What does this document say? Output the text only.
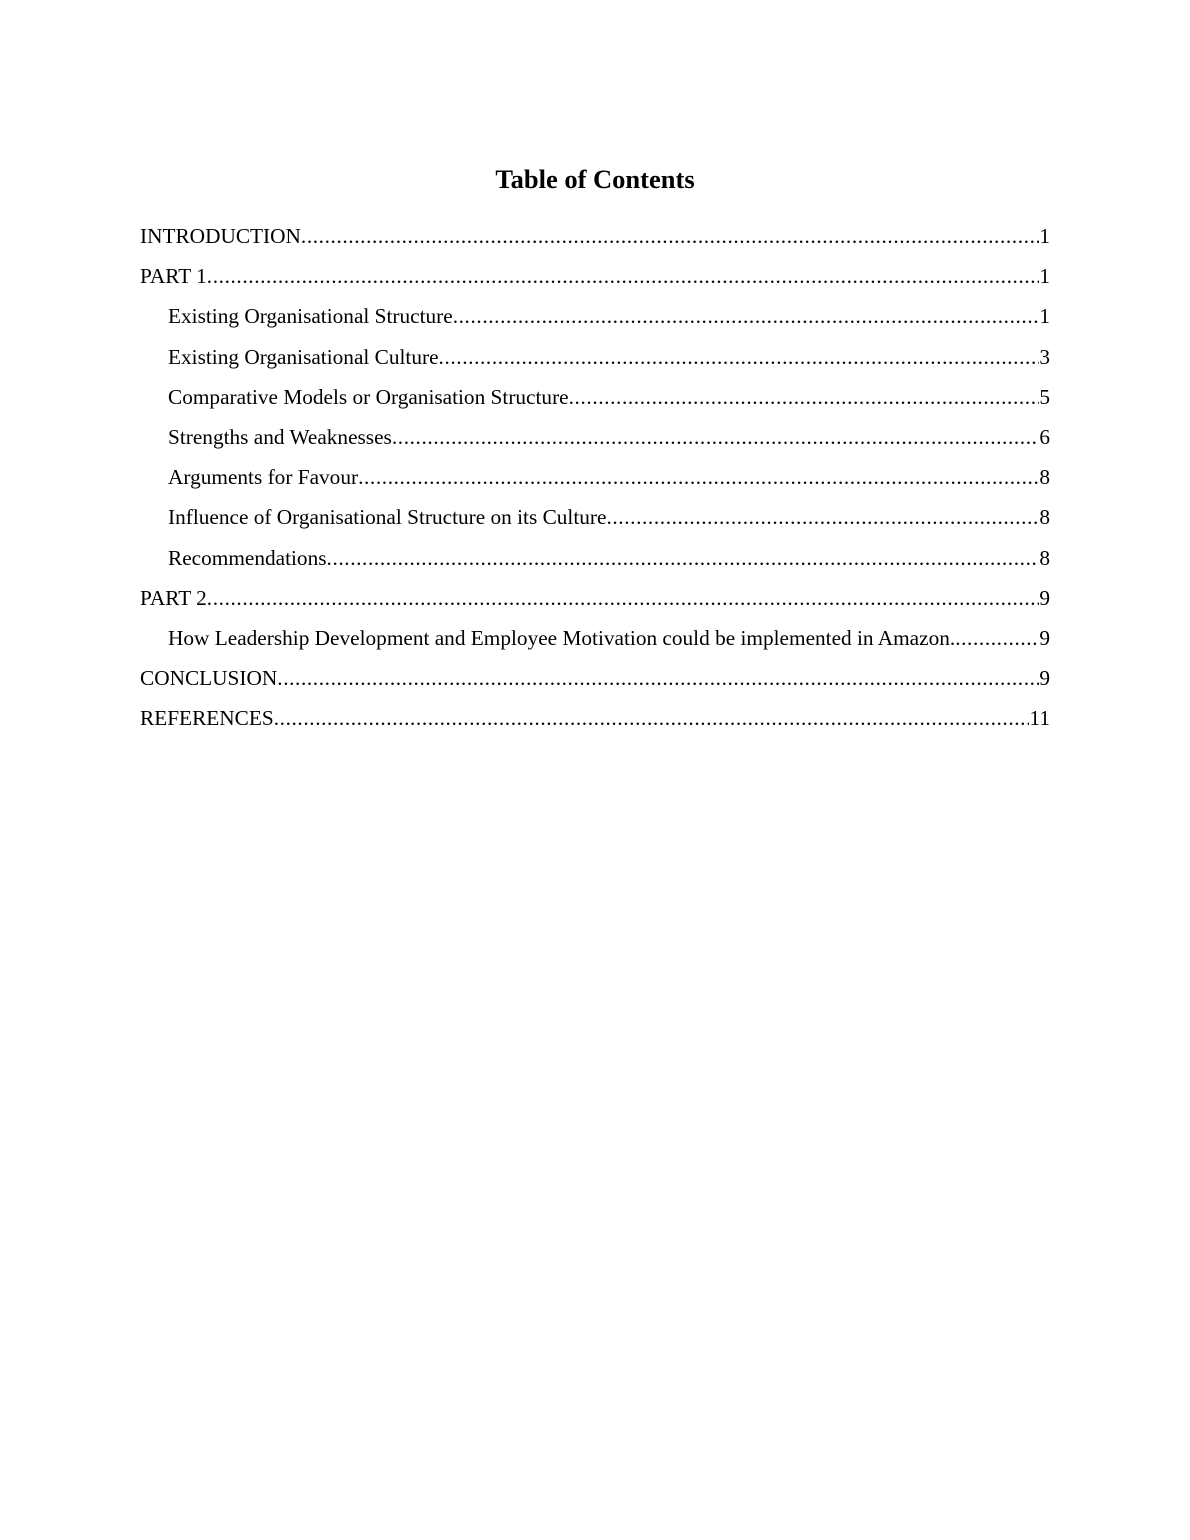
Table of Contents
INTRODUCTION .....	1
PART 1 .....	1
Existing Organisational Structure .....	1
Existing Organisational Culture .....	3
Comparative Models or Organisation Structure .....	5
Strengths and Weaknesses .....	6
Arguments for Favour .....	8
Influence of Organisational Structure on its Culture .....	8
Recommendations .....	8
PART 2 .....	9
How Leadership Development and Employee Motivation could be implemented in Amazon. .....	9
CONCLUSION .....	9
REFERENCES .....	11
